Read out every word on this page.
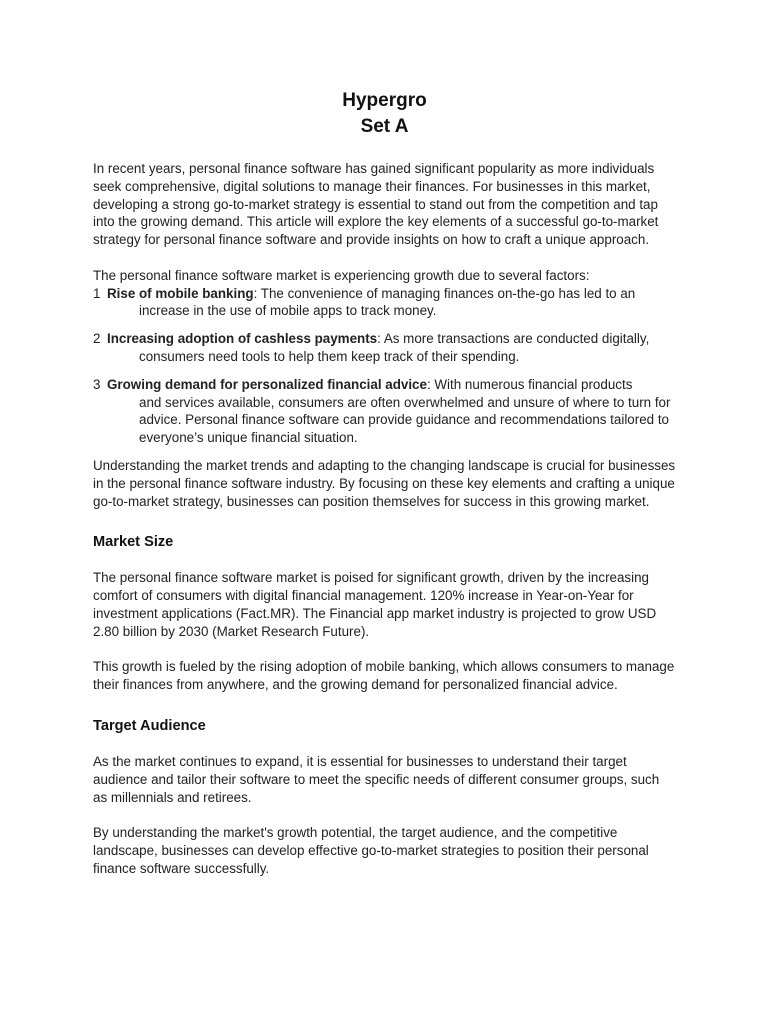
Hypergro
Set A

In recent years, personal finance software has gained significant popularity as more individuals seek comprehensive, digital solutions to manage their finances. For businesses in this market, developing a strong go-to-market strategy is essential to stand out from the competition and tap into the growing demand. This article will explore the key elements of a successful go-to-market strategy for personal finance software and provide insights on how to craft a unique approach.

The personal finance software market is experiencing growth due to several factors:

1 Rise of mobile banking: The convenience of managing finances on-the-go has led to an
increase in the use of mobile apps to track money.
2 Increasing adoption of cashless payments: As more transactions are conducted digitally,
consumers need tools to help them keep track of their spending.
3 Growing demand for personalized financial advice: With numerous financial products
and services available, consumers are often overwhelmed and unsure of where to turn for advice. Personal finance software can provide guidance and recommendations tailored to everyone’s unique financial situation.

Understanding the market trends and adapting to the changing landscape is crucial for businesses in the personal finance software industry. By focusing on these key elements and crafting a unique go-to-market strategy, businesses can position themselves for success in this growing market.

Market Size

The personal finance software market is poised for significant growth, driven by the increasing comfort of consumers with digital financial management. 120% increase in Year-on-Year for investment applications (Fact.MR). The Financial app market industry is projected to grow USD 2.80 billion by 2030 (Market Research Future).

This growth is fueled by the rising adoption of mobile banking, which allows consumers to manage their finances from anywhere, and the growing demand for personalized financial advice.

Target Audience

As the market continues to expand, it is essential for businesses to understand their target audience and tailor their software to meet the specific needs of different consumer groups, such as millennials and retirees.

By understanding the market's growth potential, the target audience, and the competitive landscape, businesses can develop effective go-to-market strategies to position their personal finance software successfully.
